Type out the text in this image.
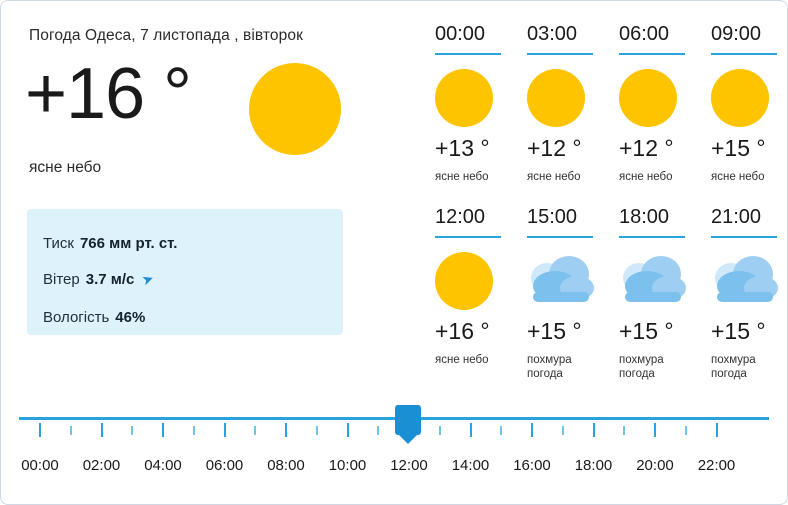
Погода Одеса, 7 листопада , вівторок
+16 °
ясне небо
Тиск 766 мм рт. ст.
Вітер 3.7 м/с ➤
Вологість 46%
00:00
+13 °
ясне небо
03:00
+12 °
ясне небо
06:00
+12 °
ясне небо
09:00
+15 °
ясне небо
12:00
+16 °
ясне небо
15:00
+15 °
похмура погода
18:00
+15 °
похмура погода
21:00
+15 °
похмура погода
00:00	02:00	04:00	06:00	08:00	10:00	12:00	14:00	16:00	18:00	20:00	22:00
